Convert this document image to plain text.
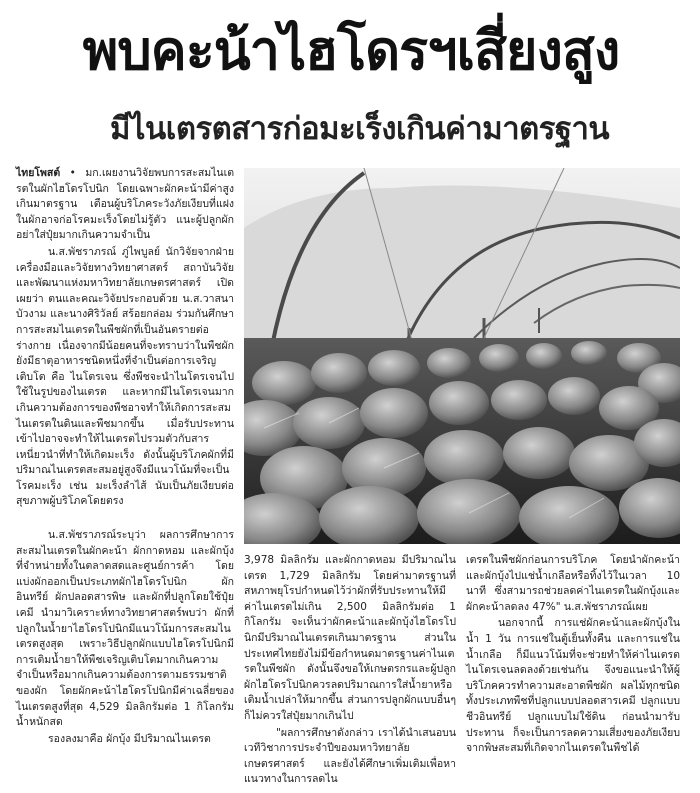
พบคะน้าไฮโดรฯเสี่ยงสูง
มีไนเตรตสารก่อมะเร็งเกินค่ามาตรฐาน

ไทยโพสต์ • มก.เผยงานวิจัยพบการสะสมไนเตรตในผักไฮโดรโปนิก โดยเฉพาะผักคะน้ามีค่าสูงเกินมาตรฐาน เตือนผู้บริโภคระวังภัยเงียบที่แฝงในผักอาจก่อโรคมะเร็งโดยไม่รู้ตัว แนะผู้ปลูกผักอย่าใส่ปุ๋ยมากเกินความจำเป็น

น.ส.พัชราภรณ์ ภู่ไพบูลย์ นักวิจัยจากฝ่ายเครื่องมือและวิจัยทางวิทยาศาสตร์ สถาบันวิจัยและพัฒนาแห่งมหาวิทยาลัยเกษตรศาสตร์ เปิดเผยว่า ตนและคณะวิจัยประกอบด้วย น.ส.วาสนา บัวงาม และนางศิริวัลย์ สร้อยกล่อม ร่วมกันศึกษาการสะสมไนเตรตในพืชผักที่เป็นอันตรายต่อร่างกาย เนื่องจากมีน้อยคนที่จะทราบว่าในพืชผักยังมีธาตุอาหารชนิดหนึ่งที่จำเป็นต่อการเจริญเติบโต คือ ไนโตรเจน ซึ่งพืชจะนำไนโตรเจนไปใช้ในรูปของไนเตรต และหากมีไนโตรเจนมากเกินความต้องการของพืชอาจทำให้เกิดการสะสมไนเตรตในดินและพืชมากขึ้น เมื่อรับประทานเข้าไปอาจจะทำให้ไนเตรตไปรวมตัวกับสารเหนี่ยวนำที่ทำให้เกิดมะเร็ง ดังนั้นผู้บริโภคผักที่มีปริมาณไนเตรตสะสมอยู่สูงจึงมีแนวโน้มที่จะเป็นโรคมะเร็ง เช่น มะเร็งลำไส้ นับเป็นภัยเงียบต่อสุขภาพผู้บริโภคโดยตรง

น.ส.พัชราภรณ์ระบุว่า ผลการศึกษาการสะสมไนเตรตในผักคะน้า ผักกาดหอม และผักบุ้งที่จำหน่ายทั้งในตลาดสดและศูนย์การค้า โดยแบ่งผักออกเป็นประเภทผักไฮโดรโปนิก ผักอินทรีย์ ผักปลอดสารพิษ และผักที่ปลูกโดยใช้ปุ๋ยเคมี นำมาวิเคราะห์ทางวิทยาศาสตร์พบว่า ผักที่ปลูกในน้ำยาไฮโดรโปนิกมีแนวโน้มการสะสมไนเตรตสูงสุด เพราะวิธีปลูกผักแบบไฮโดรโปนิกมีการเติมน้ำยาให้พืชเจริญเติบโตมากเกินความจำเป็นหรือมากเกินความต้องการตามธรรมชาติของผัก โดยผักคะน้าไฮโดรโปนิกมีค่าเฉลี่ยของไนเตรตสูงที่สุด 4,529 มิลลิกรัมต่อ 1 กิโลกรัมน้ำหนักสด

รองลงมาคือ ผักบุ้ง มีปริมาณไนเตรต

3,978 มิลลิกรัม และผักกาดหอม มีปริมาณไนเตรต 1,729 มิลลิกรัม โดยค่ามาตรฐานที่สหภาพยุโรปกำหนดไว้ว่าผักที่รับประทานให้มีค่าไนเตรตไม่เกิน 2,500 มิลลิกรัมต่อ 1 กิโลกรัม จะเห็นว่าผักคะน้าและผักบุ้งไฮโดรโปนิกมีปริมาณไนเตรตเกินมาตรฐาน ส่วนในประเทศไทยยังไม่มีข้อกำหนดมาตรฐานค่าไนเตรตในพืชผัก ดังนั้นจึงขอให้เกษตรกรและผู้ปลูกผักไฮโดรโปนิกควรลดปริมาณการใส่น้ำยาหรือเติมน้ำเปล่าให้มากขึ้น ส่วนการปลูกผักแบบอื่นๆ ก็ไม่ควรใส่ปุ๋ยมากเกินไป

"ผลการศึกษาดังกล่าว เราได้นำเสนอบนเวทีวิชาการประจำปีของมหาวิทยาลัยเกษตรศาสตร์ และยังได้ศึกษาเพิ่มเติมเพื่อหาแนวทางในการลดไน

เตรตในพืชผักก่อนการบริโภค โดยนำผักคะน้าและผักบุ้งไปแช่น้ำเกลือหรือทิ้งไว้ในเวลา 10 นาที ซึ่งสามารถช่วยลดค่าไนเตรตในผักบุ้งและผักคะน้าลดลง 47%" น.ส.พัชราภรณ์เผย

นอกจากนี้ การแช่ผักคะน้าและผักบุ้งในน้ำ 1 วัน การแช่ในตู้เย็นทั้งคืน และการแช่ในน้ำเกลือ ก็มีแนวโน้มที่จะช่วยทำให้ค่าไนเตรตไนโตรเจนลดลงด้วยเช่นกัน จึงขอแนะนำให้ผู้บริโภคควรทำความสะอาดพืชผัก ผลไม้ทุกชนิดทั้งประเภทพืชที่ปลูกแบบปลอดสารเคมี ปลูกแบบชีวอินทรีย์ ปลูกแบบไม่ใช้ดิน ก่อนนำมารับประทาน ก็จะเป็นการลดความเสี่ยงของภัยเงียบจากพิษสะสมที่เกิดจากไนเตรตในพืชได้
